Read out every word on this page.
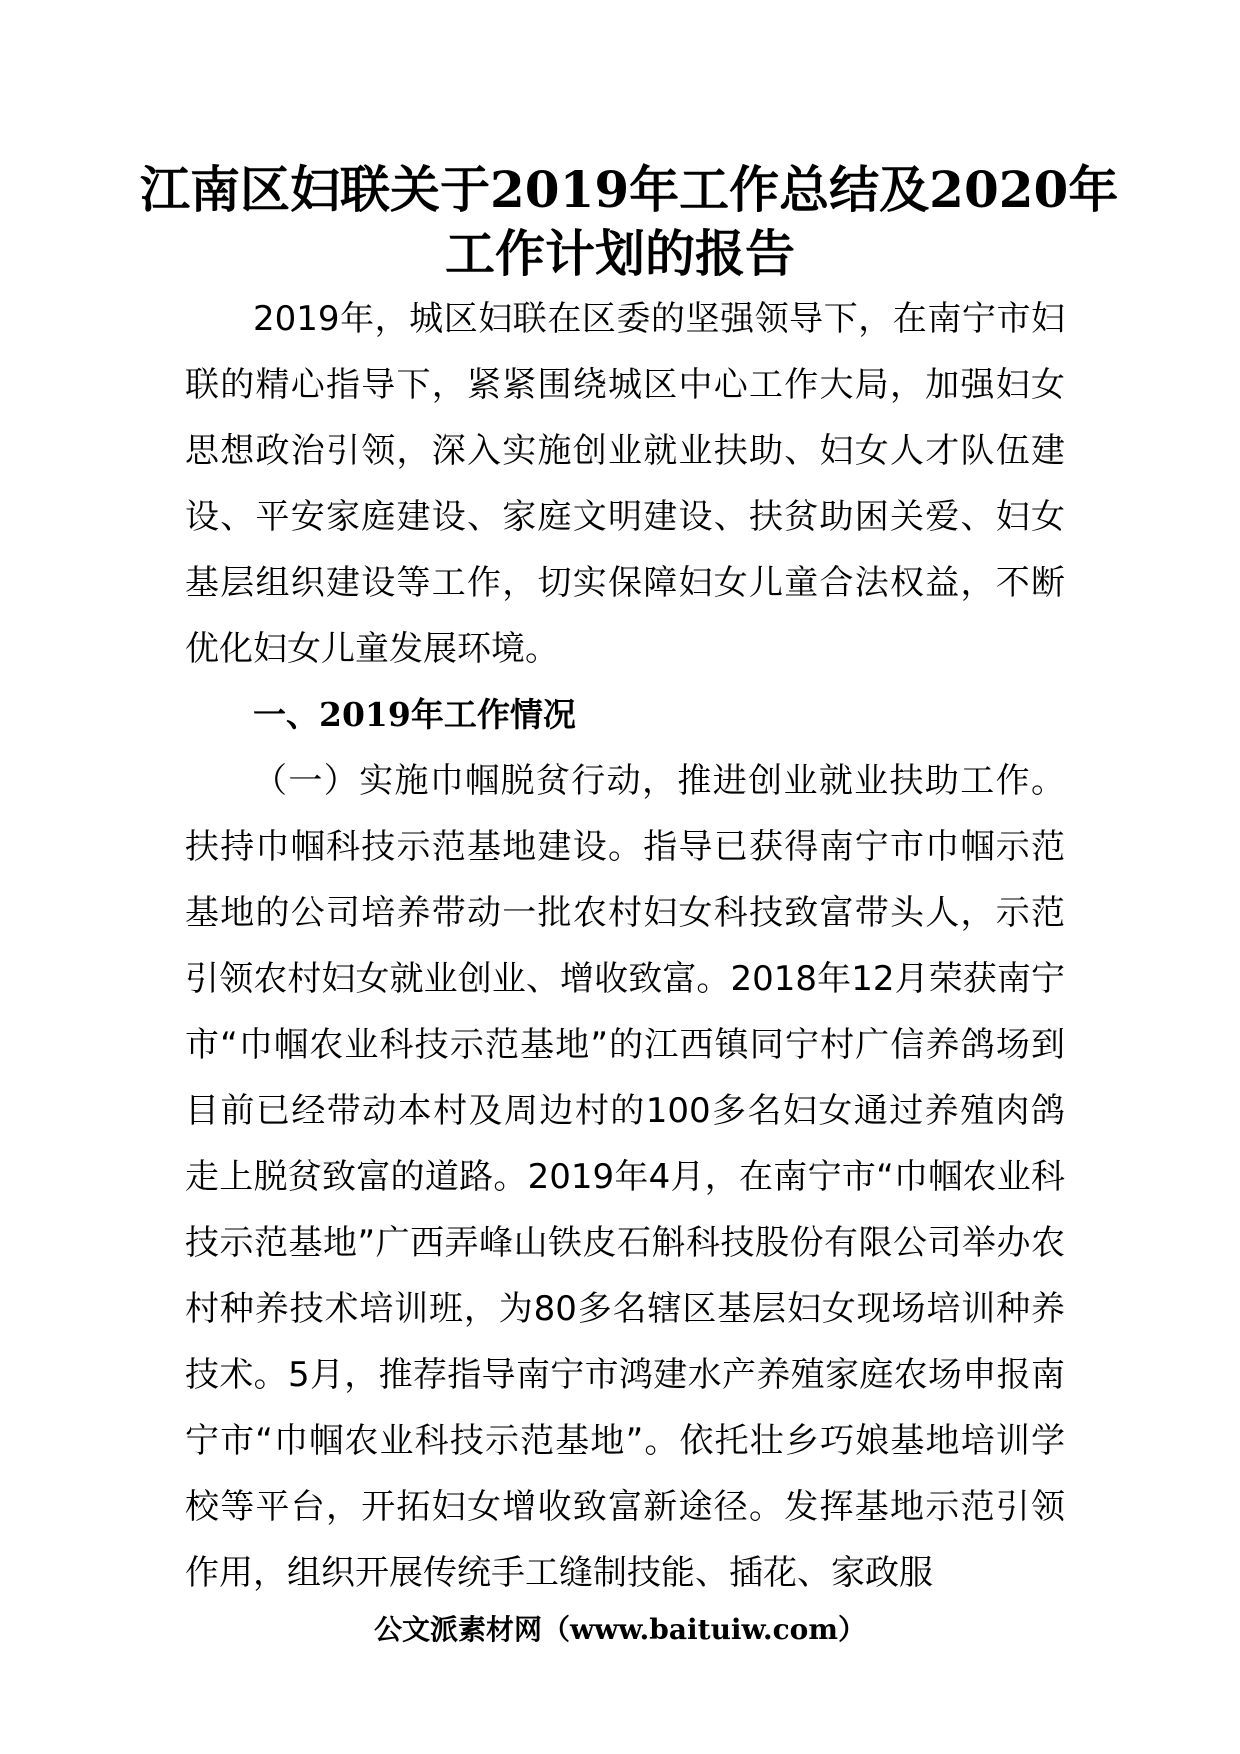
江南区妇联关于2019年工作总结及2020年
工作计划的报告

2019年，城区妇联在区委的坚强领导下，在南宁市妇联的精心指导下，紧紧围绕城区中心工作大局，加强妇女思想政治引领，深入实施创业就业扶助、妇女人才队伍建设、平安家庭建设、家庭文明建设、扶贫助困关爱、妇女基层组织建设等工作，切实保障妇女儿童合法权益，不断优化妇女儿童发展环境。

一、2019年工作情况

（一）实施巾帼脱贫行动，推进创业就业扶助工作。扶持巾帼科技示范基地建设。指导已获得南宁市巾帼示范基地的公司培养带动一批农村妇女科技致富带头人，示范引领农村妇女就业创业、增收致富。2018年12月荣获南宁市“巾帼农业科技示范基地”的江西镇同宁村广信养鸽场到目前已经带动本村及周边村的100多名妇女通过养殖肉鸽走上脱贫致富的道路。2019年4月，在南宁市“巾帼农业科技示范基地”广西弄峰山铁皮石斛科技股份有限公司举办农村种养技术培训班，为80多名辖区基层妇女现场培训种养技术。5月，推荐指导南宁市鸿建水产养殖家庭农场申报南宁市“巾帼农业科技示范基地”。依托壮乡巧娘基地培训学校等平台，开拓妇女增收致富新途径。发挥基地示范引领作用，组织开展传统手工缝制技能、插花、家政服

公文派素材网（www.baituiw.com）
